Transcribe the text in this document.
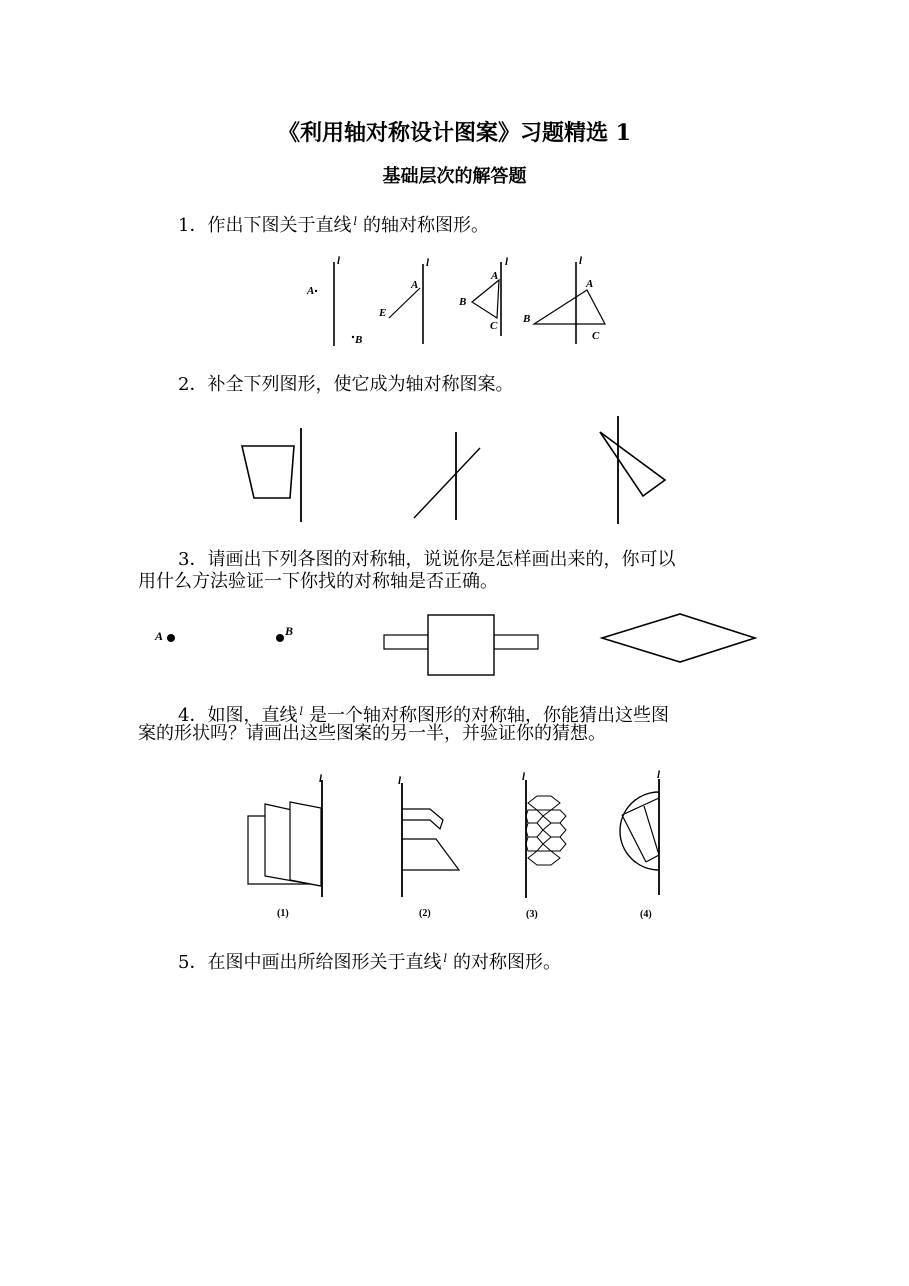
《利用轴对称设计图案》习题精选 1
基础层次的解答题
1．作出下图关于直线 $^l$ 的轴对称图形。
l
A
B
l
E
A
l
A
B
C
l
A
B
C
2．补全下列图形，使它成为轴对称图案。
3．请画出下列各图的对称轴，说说你是怎样画出来的，你可以
用什么方法验证一下你找的对称轴是否正确。
A	B
4．如图，直线 $^l$ 是一个轴对称图形的对称轴，你能猜出这些图
案的形状吗？请画出这些图案的另一半，并验证你的猜想。
l
(1)
l
(2)
l
(3)
l
(4)
5．在图中画出所给图形关于直线 $^l$ 的对称图形。
